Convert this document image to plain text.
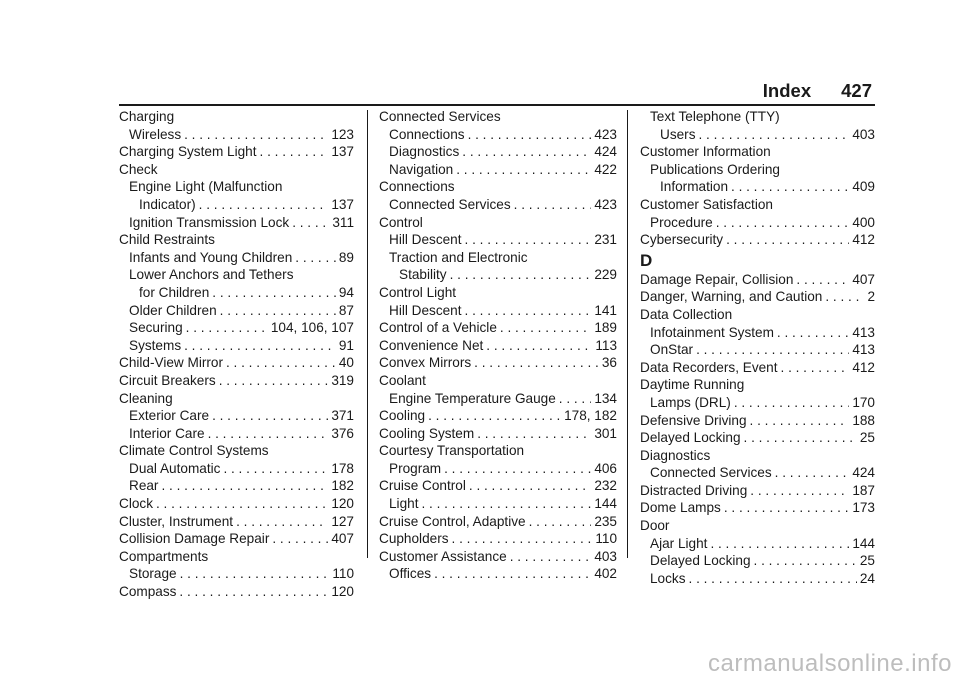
Index 427
Charging
Wireless . . .	123
Charging System Light . . .	137
Check
Engine Light (Malfunction
Indicator) . . .	137
Ignition Transmission Lock . . .	311
Child Restraints
Infants and Young Children . . .	89
Lower Anchors and Tethers
for Children . . .	94
Older Children . . .	87
Securing . . .	104, 106, 107
Systems . . .	91
Child-View Mirror . . .	40
Circuit Breakers . . .	319
Cleaning
Exterior Care . . .	371
Interior Care . . .	376
Climate Control Systems
Dual Automatic . . .	178
Rear . . .	182
Clock . . .	120
Cluster, Instrument . . .	127
Collision Damage Repair . . .	407
Compartments
Storage . . .	110
Compass . . .	120
Connected Services
Connections . . .	423
Diagnostics . . .	424
Navigation . . .	422
Connections
Connected Services . . .	423
Control
Hill Descent . . .	231
Traction and Electronic
Stability . . .	229
Control Light
Hill Descent . . .	141
Control of a Vehicle . . .	189
Convenience Net . . .	113
Convex Mirrors . . .	36
Coolant
Engine Temperature Gauge . . .	134
Cooling . . .	178, 182
Cooling System . . .	301
Courtesy Transportation
Program . . .	406
Cruise Control . . .	232
Light . . .	144
Cruise Control, Adaptive . . .	235
Cupholders . . .	110
Customer Assistance . . .	403
Offices . . .	402
Text Telephone (TTY)
Users . . .	403
Customer Information
Publications Ordering
Information . . .	409
Customer Satisfaction
Procedure . . .	400
Cybersecurity . . .	412
D
Damage Repair, Collision . . .	407
Danger, Warning, and Caution . . .	2
Data Collection
Infotainment System . . .	413
OnStar . . .	413
Data Recorders, Event . . .	412
Daytime Running
Lamps (DRL) . . .	170
Defensive Driving . . .	188
Delayed Locking . . .	25
Diagnostics
Connected Services . . .	424
Distracted Driving . . .	187
Dome Lamps . . .	173
Door
Ajar Light . . .	144
Delayed Locking . . .	25
Locks . . .	24
carmanualsonline.info
